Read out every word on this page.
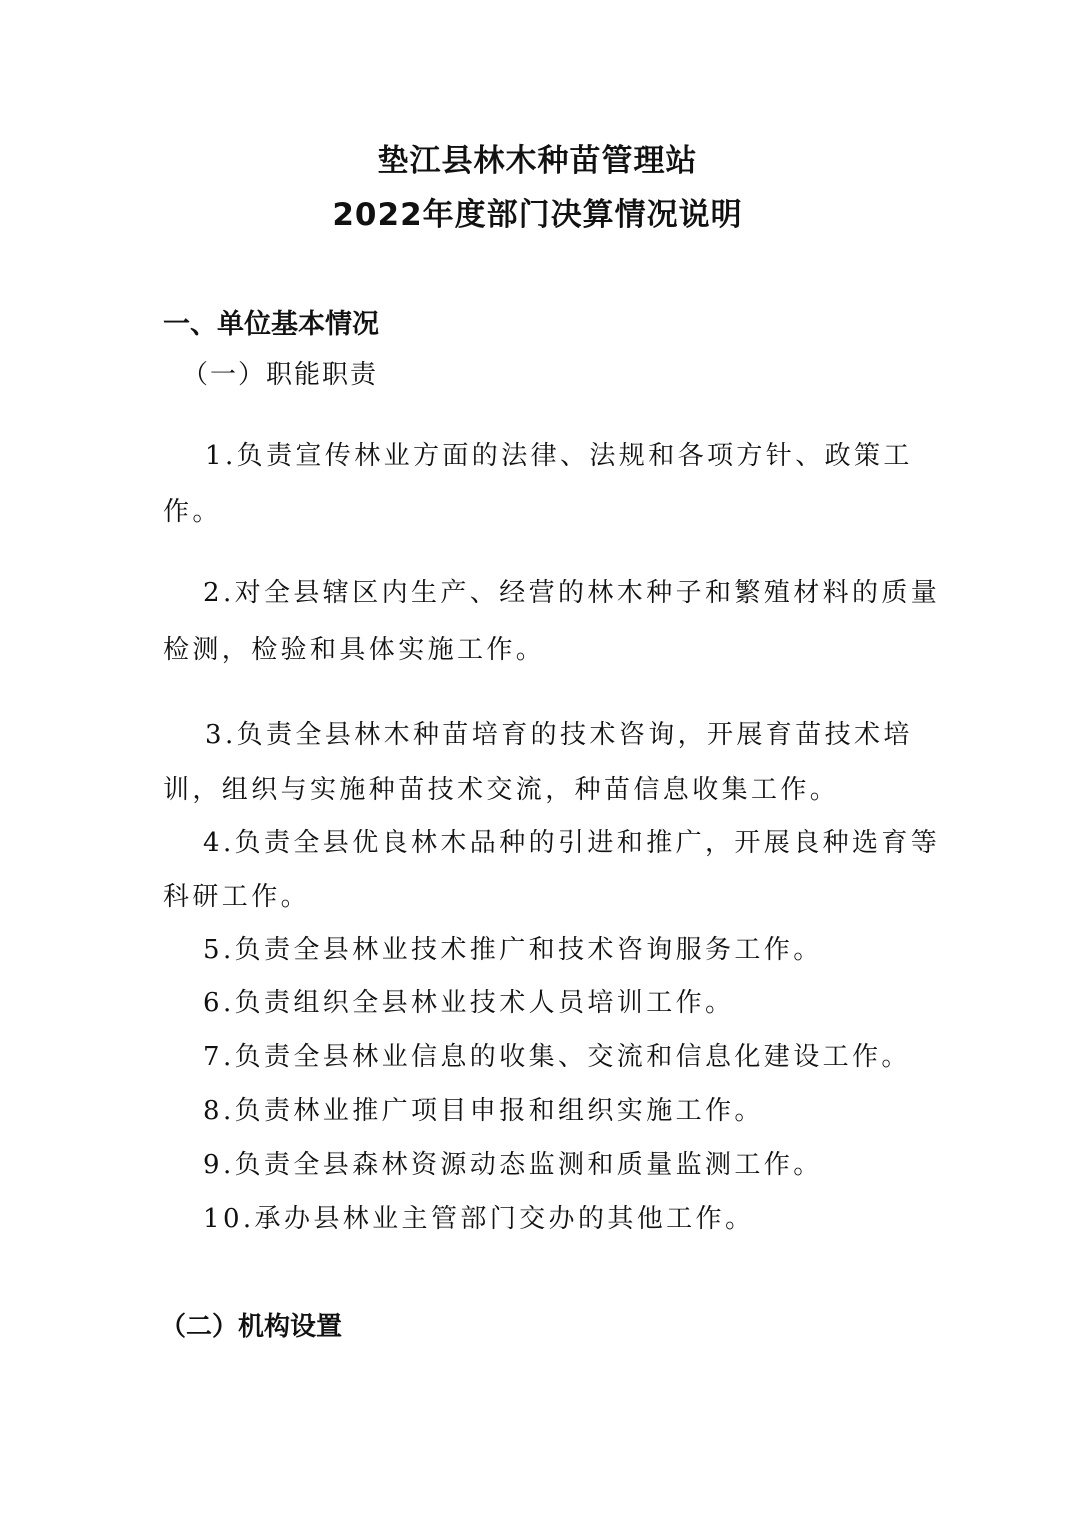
垫江县林木种苗管理站
2022年度部门决算情况说明
一、单位基本情况
（一）职能职责
1.负责宣传林业方面的法律、法规和各项方针、政策工
作。
2.对全县辖区内生产、经营的林木种子和繁殖材料的质量
检测，检验和具体实施工作。
3.负责全县林木种苗培育的技术咨询，开展育苗技术培
训，组织与实施种苗技术交流，种苗信息收集工作。
4.负责全县优良林木品种的引进和推广，开展良种选育等
科研工作。
5.负责全县林业技术推广和技术咨询服务工作。
6.负责组织全县林业技术人员培训工作。
7.负责全县林业信息的收集、交流和信息化建设工作。
8.负责林业推广项目申报和组织实施工作。
9.负责全县森林资源动态监测和质量监测工作。
10.承办县林业主管部门交办的其他工作。
（二）机构设置
